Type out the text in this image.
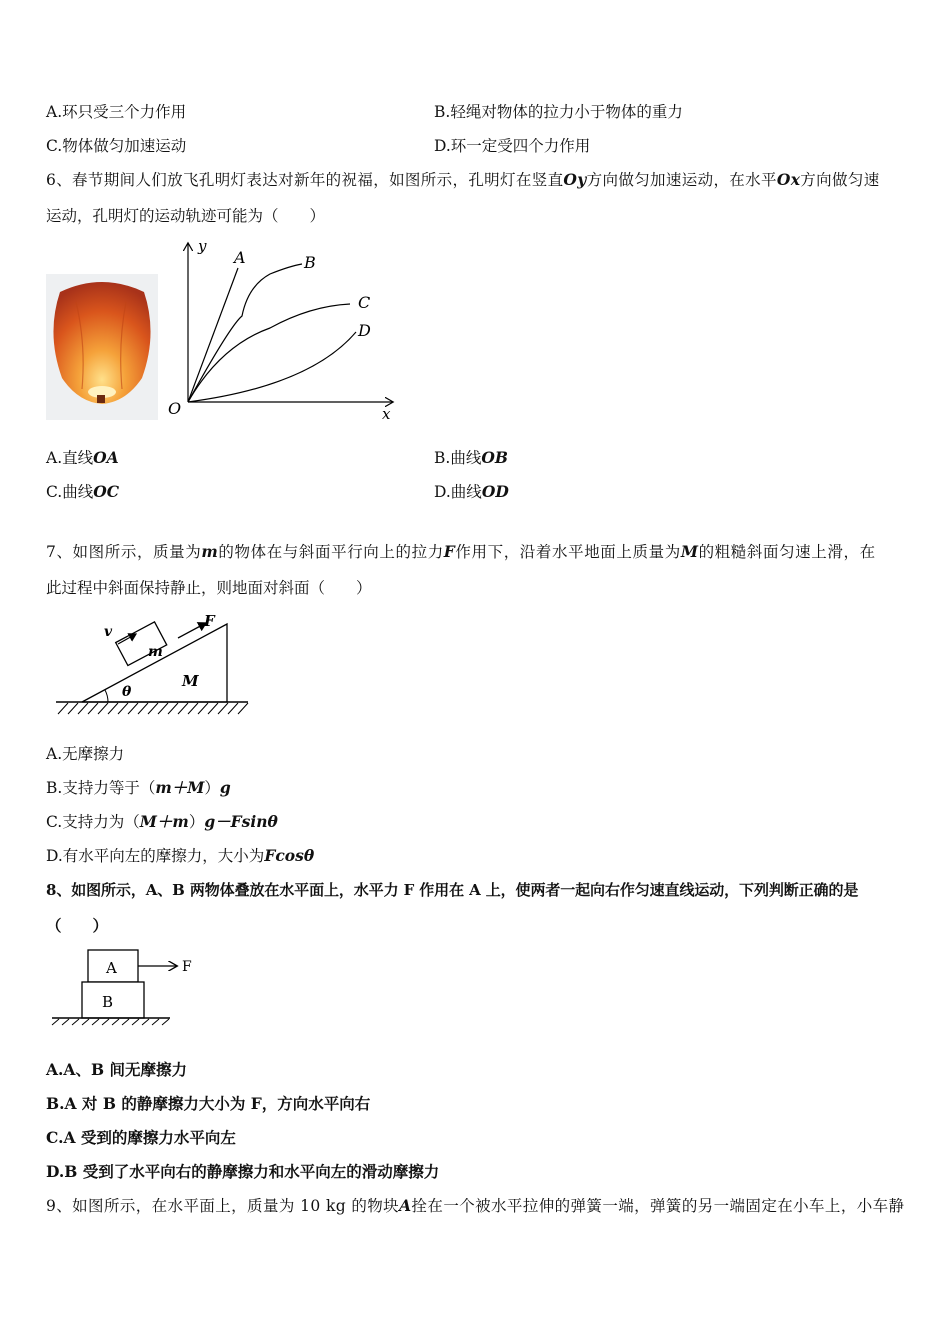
A.环只受三个力作用	B.轻绳对物体的拉力小于物体的重力
C.物体做匀加速运动	D.环一定受四个力作用
6、春节期间人们放飞孔明灯表达对新年的祝福，如图所示，孔明灯在竖直Oy方向做匀加速运动，在水平Ox方向做匀速
运动，孔明灯的运动轨迹可能为（　　）
y
x
O
A	B
C
D
A.直线OA	B.曲线OB
C.曲线OC	D.曲线OD
7、如图所示，质量为m的物体在与斜面平行向上的拉力F作用下，沿着水平地面上质量为M的粗糙斜面匀速上滑，在
此过程中斜面保持静止，则地面对斜面（　　）
θ
m
F
v
M
A.无摩擦力
B.支持力等于（m＋M）g
C.支持力为（M＋m）g－Fsinθ
D.有水平向左的摩擦力，大小为Fcosθ
8、如图所示，A、B 两物体叠放在水平面上，水平力 F 作用在 A 上，使两者一起向右作匀速直线运动，下列判断正确的是
（　　）
A
B
F
A.A、B 间无摩擦力
B.A 对 B 的静摩擦力大小为 F，方向水平向右
C.A 受到的摩擦力水平向左
D.B 受到了水平向右的静摩擦力和水平向左的滑动摩擦力
9、如图所示，在水平面上，质量为 10 kg 的物块A拴在一个被水平拉伸的弹簧一端，弹簧的另一端固定在小车上，小车静
